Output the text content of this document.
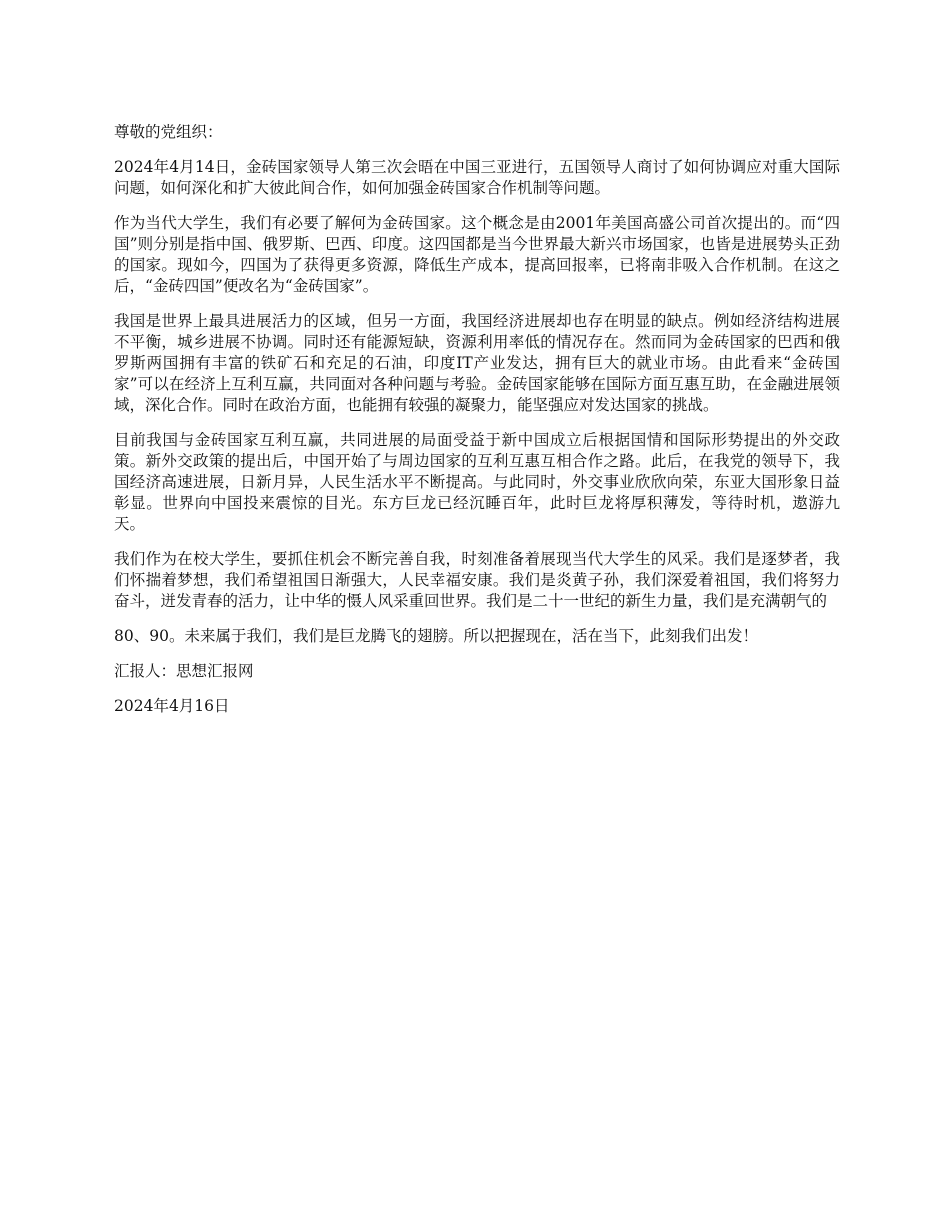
尊敬的党组织：

2024年4月14日，金砖国家领导人第三次会晤在中国三亚进行，五国领导人商讨了如何协调应对重大国际问题，如何深化和扩大彼此间合作，如何加强金砖国家合作机制等问题。

作为当代大学生，我们有必要了解何为金砖国家。这个概念是由2001年美国高盛公司首次提出的。而“四国”则分别是指中国、俄罗斯、巴西、印度。这四国都是当今世界最大新兴市场国家，也皆是进展势头正劲的国家。现如今，四国为了获得更多资源，降低生产成本，提高回报率，已将南非吸入合作机制。在这之后，“金砖四国”便改名为“金砖国家”。

我国是世界上最具进展活力的区域，但另一方面，我国经济进展却也存在明显的缺点。例如经济结构进展不平衡，城乡进展不协调。同时还有能源短缺，资源利用率低的情况存在。然而同为金砖国家的巴西和俄罗斯两国拥有丰富的铁矿石和充足的石油，印度IT产业发达，拥有巨大的就业市场。由此看来“金砖国家”可以在经济上互利互赢，共同面对各种问题与考验。金砖国家能够在国际方面互惠互助，在金融进展领域，深化合作。同时在政治方面，也能拥有较强的凝聚力，能坚强应对发达国家的挑战。

目前我国与金砖国家互利互赢，共同进展的局面受益于新中国成立后根据国情和国际形势提出的外交政策。新外交政策的提出后，中国开始了与周边国家的互利互惠互相合作之路。此后，在我党的领导下，我国经济高速进展，日新月异，人民生活水平不断提高。与此同时，外交事业欣欣向荣，东亚大国形象日益彰显。世界向中国投来震惊的目光。东方巨龙已经沉睡百年，此时巨龙将厚积薄发，等待时机，遨游九天。

我们作为在校大学生，要抓住机会不断完善自我，时刻准备着展现当代大学生的风采。我们是逐梦者，我们怀揣着梦想，我们希望祖国日渐强大，人民幸福安康。我们是炎黄子孙，我们深爱着祖国，我们将努力奋斗，迸发青春的活力，让中华的慑人风采重回世界。我们是二十一世纪的新生力量，我们是充满朝气的

80、90。未来属于我们，我们是巨龙腾飞的翅膀。所以把握现在，活在当下，此刻我们出发！

汇报人：思想汇报网

2024年4月16日
